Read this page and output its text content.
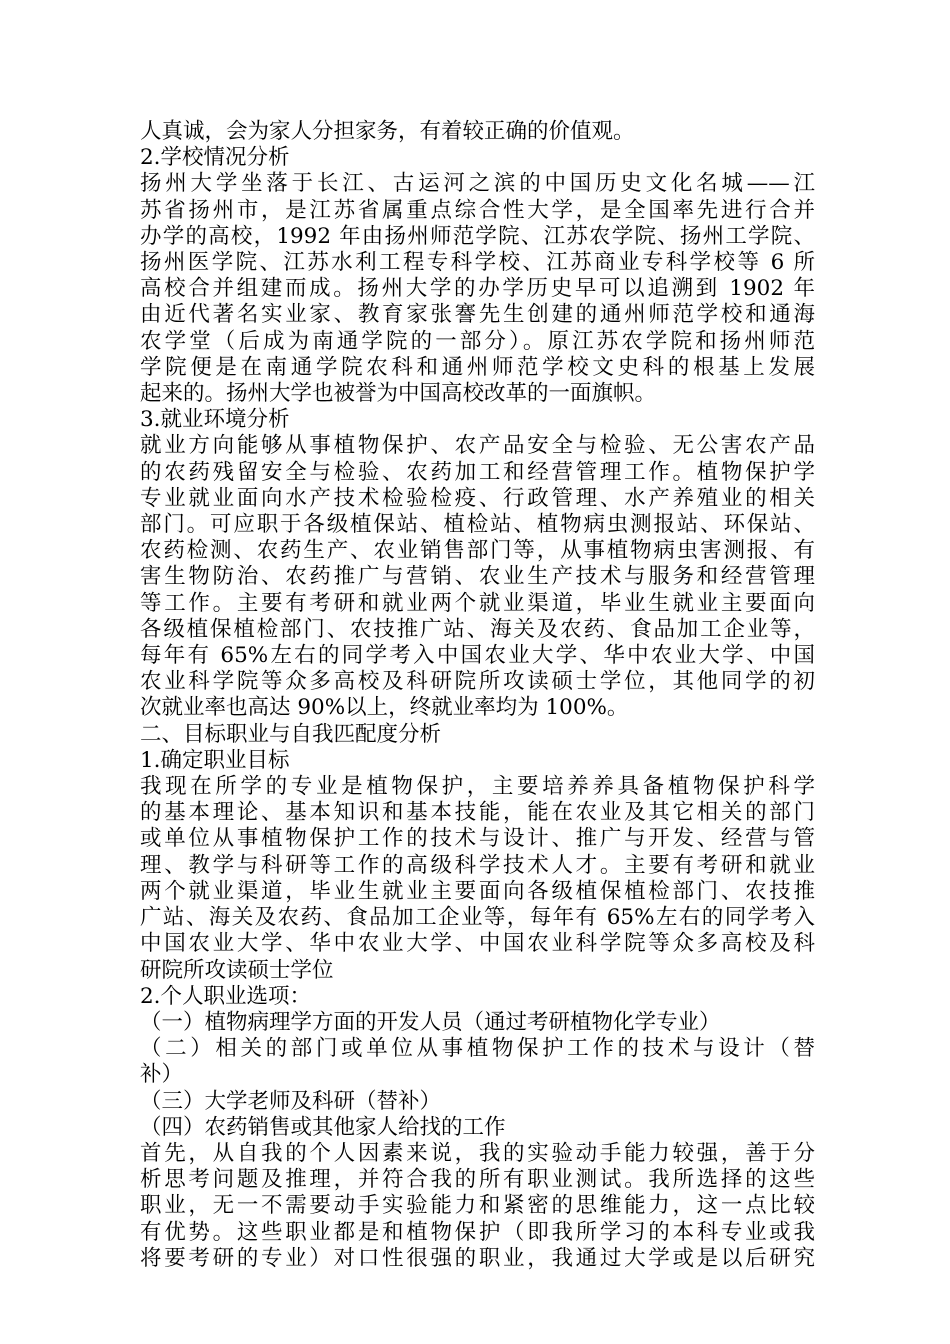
人真诚，会为家人分担家务，有着较正确的价值观。
2.学校情况分析
扬州大学坐落于长江、古运河之滨的中国历史文化名城——江
苏省扬州市，是江苏省属重点综合性大学，是全国率先进行合并
办学的高校，1992 年由扬州师范学院、江苏农学院、扬州工学院、
扬州医学院、江苏水利工程专科学校、江苏商业专科学校等 6 所
高校合并组建而成。扬州大学的办学历史早可以追溯到 1902 年
由近代著名实业家、教育家张謇先生创建的通州师范学校和通海
农学堂（后成为南通学院的一部分）。原江苏农学院和扬州师范
学院便是在南通学院农科和通州师范学校文史科的根基上发展
起来的。扬州大学也被誉为中国高校改革的一面旗帜。
3.就业环境分析
就业方向能够从事植物保护、农产品安全与检验、无公害农产品
的农药残留安全与检验、农药加工和经营管理工作。植物保护学
专业就业面向水产技术检验检疫、行政管理、水产养殖业的相关
部门。可应职于各级植保站、植检站、植物病虫测报站、环保站、
农药检测、农药生产、农业销售部门等，从事植物病虫害测报、有
害生物防治、农药推广与营销、农业生产技术与服务和经营管理
等工作。主要有考研和就业两个就业渠道，毕业生就业主要面向
各级植保植检部门、农技推广站、海关及农药、食品加工企业等，
每年有 65%左右的同学考入中国农业大学、华中农业大学、中国
农业科学院等众多高校及科研院所攻读硕士学位，其他同学的初
次就业率也高达 90%以上，终就业率均为 100%。
二、目标职业与自我匹配度分析
1.确定职业目标
我现在所学的专业是植物保护，主要培养养具备植物保护科学
的基本理论、基本知识和基本技能，能在农业及其它相关的部门
或单位从事植物保护工作的技术与设计、推广与开发、经营与管
理、教学与科研等工作的高级科学技术人才。主要有考研和就业
两个就业渠道，毕业生就业主要面向各级植保植检部门、农技推
广站、海关及农药、食品加工企业等，每年有 65%左右的同学考入
中国农业大学、华中农业大学、中国农业科学院等众多高校及科
研院所攻读硕士学位
2.个人职业选项：
（一）植物病理学方面的开发人员（通过考研植物化学专业）
（二）相关的部门或单位从事植物保护工作的技术与设计（替
补）
（三）大学老师及科研（替补）
（四）农药销售或其他家人给找的工作
首先，从自我的个人因素来说，我的实验动手能力较强，善于分
析思考问题及推理，并符合我的所有职业测试。我所选择的这些
职业，无一不需要动手实验能力和紧密的思维能力，这一点比较
有优势。这些职业都是和植物保护（即我所学习的本科专业或我
将要考研的专业）对口性很强的职业，我通过大学或是以后研究
